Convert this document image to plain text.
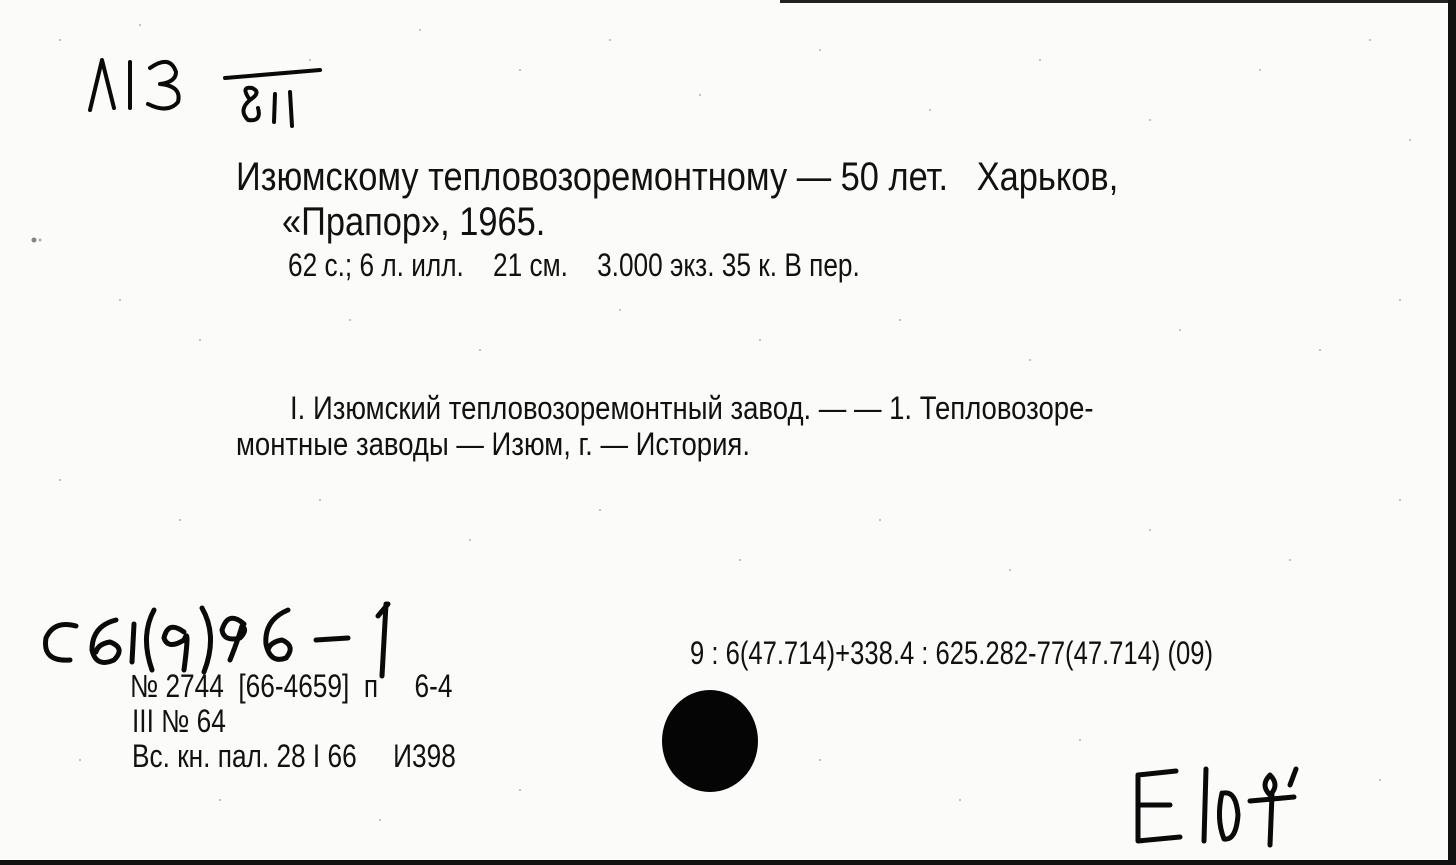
Л13 811
Изюмскому тепловозоремонтному — 50 лет.   Харьков,
«Прапор», 1965.
62 с.; 6 л. илл.    21 см.    3.000 экз. 35 к. В пер.
I. Изюмский тепловозоремонтный завод. — — 1. Тепловозоре-
монтные заводы — Изюм, г. — История.
С61(9)96-1
9 : 6(47.714)+338.4 : 625.282-77(47.714) (09)
№ 2744  [66-4659]  п     6-4
III № 64
Вс. кн. пал. 28 I 66     И398	Е10Ч
